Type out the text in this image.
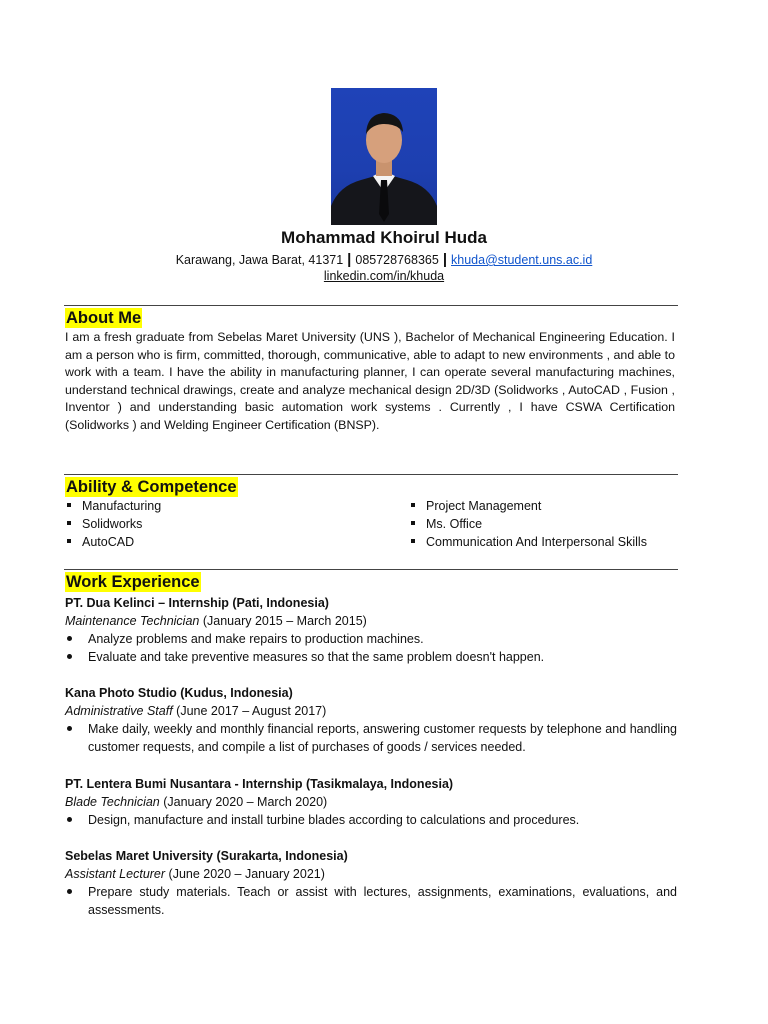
Mohammad Khoirul Huda
Karawang, Jawa Barat, 41371 | 085728768365 | khuda@student.uns.ac.id
linkedin.com/in/khuda
About Me
I am a fresh graduate from Sebelas Maret University (UNS ), Bachelor of Mechanical Engineering Education. I am a person who is firm, committed, thorough, communicative, able to adapt to new environments , and able to work with a team. I have the ability in manufacturing planner, I can operate several manufacturing machines, understand technical drawings, create and analyze mechanical design 2D/3D (Solidworks , AutoCAD , Fusion , Inventor ) and understanding basic automation work systems . Currently , I have CSWA Certification (Solidworks ) and Welding Engineer Certification (BNSP).
Ability & Competence
Manufacturing
Solidworks
AutoCAD
Project Management
Ms. Office
Communication And Interpersonal Skills
Work Experience
PT. Dua Kelinci – Internship (Pati, Indonesia)
Maintenance Technician (January 2015 – March 2015)
Analyze problems and make repairs to production machines.
Evaluate and take preventive measures so that the same problem doesn't happen.
Kana Photo Studio (Kudus, Indonesia)
Administrative Staff (June 2017 – August 2017)
Make daily, weekly and monthly financial reports, answering customer requests by telephone and handling customer requests, and compile a list of purchases of goods / services needed.
PT. Lentera Bumi Nusantara - Internship (Tasikmalaya, Indonesia)
Blade Technician (January 2020 – March 2020)
Design, manufacture and install turbine blades according to calculations and procedures.
Sebelas Maret University (Surakarta, Indonesia)
Assistant Lecturer (June 2020 – January 2021)
Prepare study materials. Teach or assist with lectures, assignments, examinations, evaluations, and assessments.
